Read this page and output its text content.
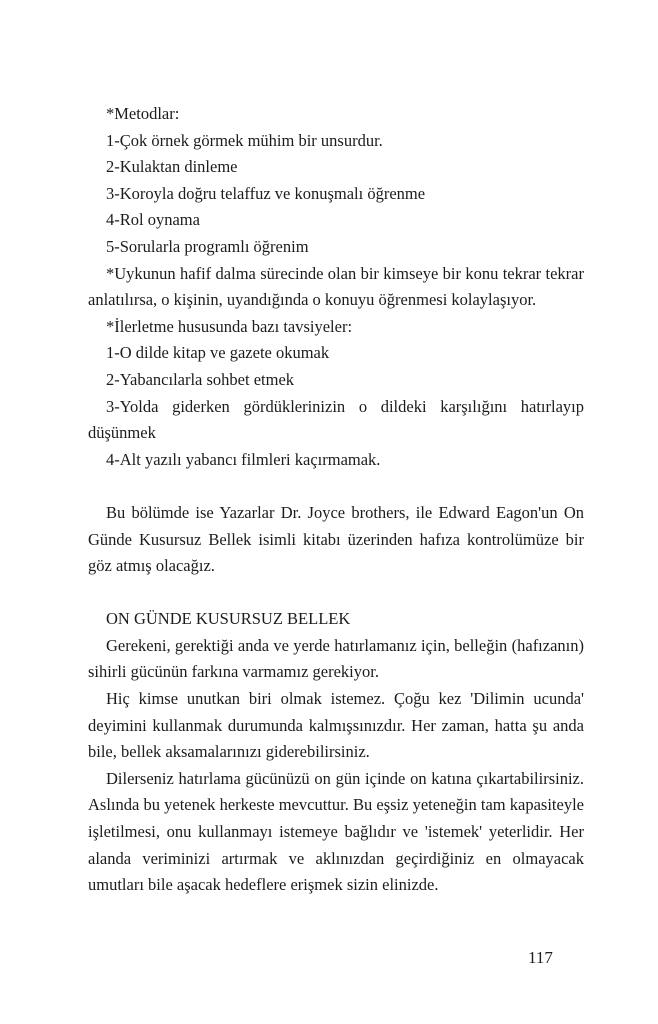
*Metodlar:

1-Çok örnek görmek mühim bir unsurdur.

2-Kulaktan dinleme

3-Koroyla doğru telaffuz ve konuşmalı öğrenme

4-Rol oynama

5-Sorularla programlı öğrenim

*Uykunun hafif dalma sürecinde olan bir kimseye bir konu tekrar tekrar anlatılırsa, o kişinin, uyandığında o konuyu öğrenmesi kolaylaşıyor.

*İlerletme hususunda bazı tavsiyeler:

1-O dilde kitap ve gazete okumak

2-Yabancılarla sohbet etmek

3-Yolda giderken gördüklerinizin o dildeki karşılığını hatırlayıp düşünmek

4-Alt yazılı yabancı filmleri kaçırmamak.

Bu bölümde ise Yazarlar Dr. Joyce brothers, ile Edward Eagon'un On Günde Kusursuz Bellek isimli kitabı üzerinden hafıza kontrolümüze bir göz atmış olacağız.

ON GÜNDE KUSURSUZ BELLEK

Gerekeni, gerektiği anda ve yerde hatırlamanız için, belleğin (hafızanın) sihirli gücünün farkına varmamız gerekiyor.

Hiç kimse unutkan biri olmak istemez. Çoğu kez 'Dilimin ucunda' deyimini kullanmak durumunda kalmışsınızdır. Her zaman, hatta şu anda bile, bellek aksamalarınızı giderebilirsiniz.

Dilerseniz hatırlama gücünüzü on gün içinde on katına çıkartabilirsiniz. Aslında bu yetenek herkeste mevcuttur. Bu eşsiz yeteneğin tam kapasiteyle işletilmesi, onu kullanmayı istemeye bağlıdır ve 'istemek' yeterlidir. Her alanda veriminizi artırmak ve aklınızdan geçirdiğiniz en olmayacak umutları bile aşacak hedeflere erişmek sizin elinizde.

117
